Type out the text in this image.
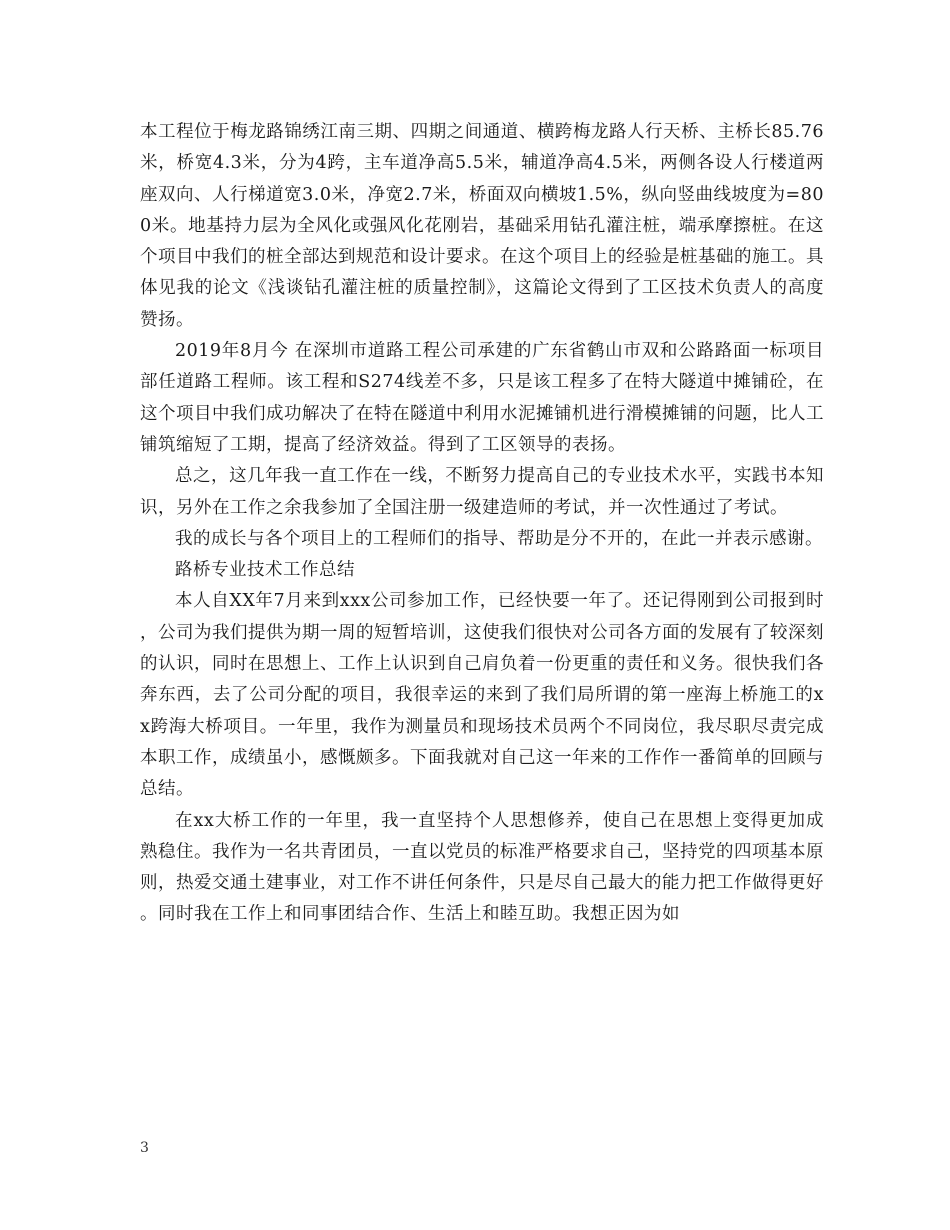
本工程位于梅龙路锦绣江南三期、四期之间通道、横跨梅龙路人行天桥、主桥长85.76米，桥宽4.3米，分为4跨，主车道净高5.5米，辅道净高4.5米，两侧各设人行楼道两座双向、人行梯道宽3.0米，净宽2.7米，桥面双向横坡1.5%，纵向竖曲线坡度为=800米。地基持力层为全风化或强风化花刚岩，基础采用钻孔灌注桩，端承摩擦桩。在这个项目中我们的桩全部达到规范和设计要求。在这个项目上的经验是桩基础的施工。具体见我的论文《浅谈钻孔灌注桩的质量控制》，这篇论文得到了工区技术负责人的高度赞扬。

2019年8月今 在深圳市道路工程公司承建的广东省鹤山市双和公路路面一标项目部任道路工程师。该工程和S274线差不多，只是该工程多了在特大隧道中摊铺砼，在这个项目中我们成功解决了在特在隧道中利用水泥摊铺机进行滑模摊铺的问题，比人工铺筑缩短了工期，提高了经济效益。得到了工区领导的表扬。

总之，这几年我一直工作在一线，不断努力提高自己的专业技术水平，实践书本知识，另外在工作之余我参加了全国注册一级建造师的考试，并一次性通过了考试。

我的成长与各个项目上的工程师们的指导、帮助是分不开的，在此一并表示感谢。

路桥专业技术工作总结

本人自XX年7月来到xxx公司参加工作，已经快要一年了。还记得刚到公司报到时，公司为我们提供为期一周的短暂培训，这使我们很快对公司各方面的发展有了较深刻的认识，同时在思想上、工作上认识到自己肩负着一份更重的责任和义务。很快我们各奔东西，去了公司分配的项目，我很幸运的来到了我们局所谓的第一座海上桥施工的xx跨海大桥项目。一年里，我作为测量员和现场技术员两个不同岗位，我尽职尽责完成本职工作，成绩虽小，感慨颇多。下面我就对自己这一年来的工作作一番简单的回顾与总结。

在xx大桥工作的一年里，我一直坚持个人思想修养，使自己在思想上变得更加成熟稳住。我作为一名共青团员，一直以党员的标准严格要求自己，坚持党的四项基本原则，热爱交通土建事业，对工作不讲任何条件，只是尽自己最大的能力把工作做得更好。同时我在工作上和同事团结合作、生活上和睦互助。我想正因为如

3
